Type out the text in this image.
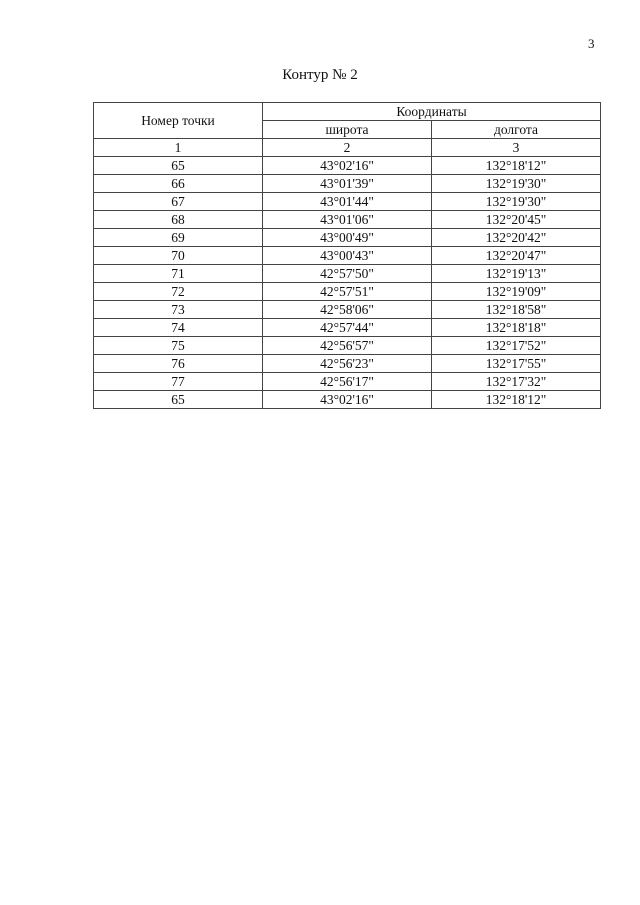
3
Контур № 2
Номер точки	Координаты	
	широта	долгота
1	2	3
65	43°02'16"	132°18'12"
66	43°01'39"	132°19'30"
67	43°01'44"	132°19'30"
68	43°01'06"	132°20'45"
69	43°00'49"	132°20'42"
70	43°00'43"	132°20'47"
71	42°57'50"	132°19'13"
72	42°57'51"	132°19'09"
73	42°58'06"	132°18'58"
74	42°57'44"	132°18'18"
75	42°56'57"	132°17'52"
76	42°56'23"	132°17'55"
77	42°56'17"	132°17'32"
65	43°02'16"	132°18'12"
